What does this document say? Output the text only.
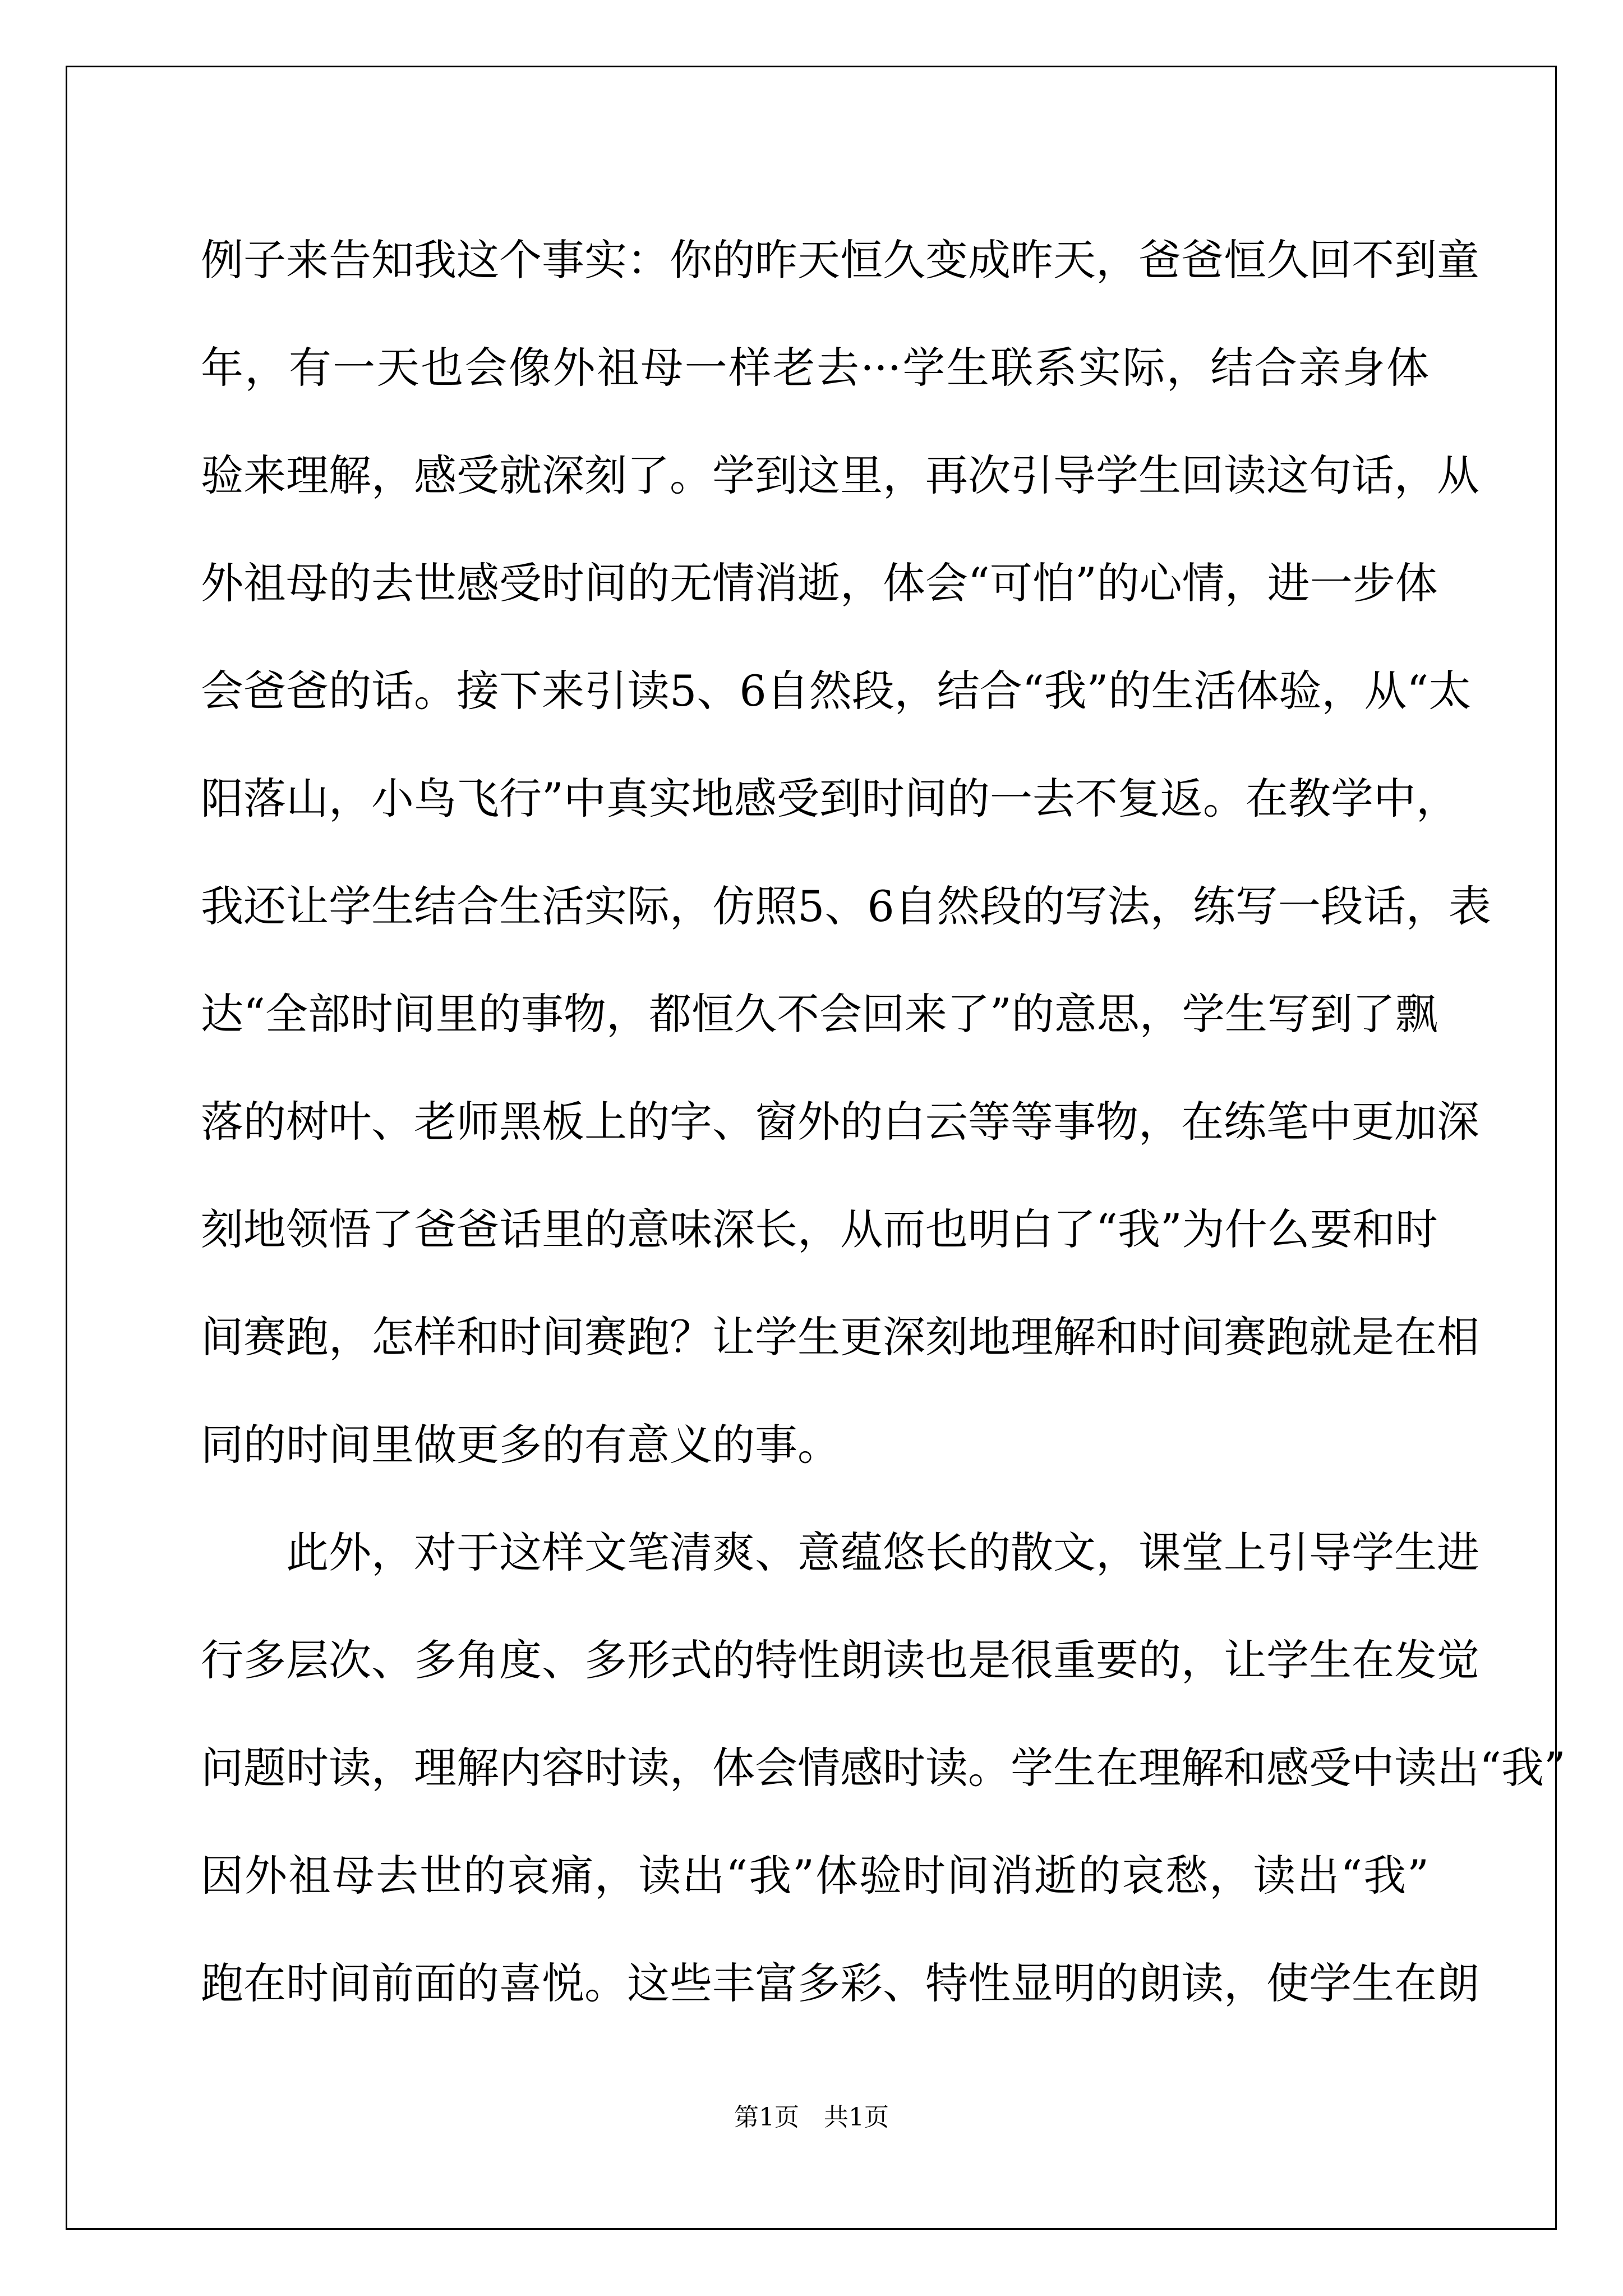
例子来告知我这个事实：你的昨天恒久变成昨天，爸爸恒久回不到童
年，有一天也会像外祖母一样老去···学生联系实际，结合亲身体
验来理解，感受就深刻了。学到这里，再次引导学生回读这句话，从
外祖母的去世感受时间的无情消逝，体会“可怕”的心情，进一步体
会爸爸的话。接下来引读5、6自然段，结合“我”的生活体验，从“太
阳落山，小鸟飞行”中真实地感受到时间的一去不复返。在教学中，
我还让学生结合生活实际，仿照5、6自然段的写法，练写一段话，表
达“全部时间里的事物，都恒久不会回来了”的意思，学生写到了飘
落的树叶、老师黑板上的字、窗外的白云等等事物，在练笔中更加深
刻地领悟了爸爸话里的意味深长，从而也明白了“我”为什么要和时
间赛跑，怎样和时间赛跑？让学生更深刻地理解和时间赛跑就是在相
同的时间里做更多的有意义的事。
　　此外，对于这样文笔清爽、意蕴悠长的散文，课堂上引导学生进
行多层次、多角度、多形式的特性朗读也是很重要的，让学生在发觉
问题时读，理解内容时读，体会情感时读。学生在理解和感受中读出“我”
因外祖母去世的哀痛，读出“我”体验时间消逝的哀愁，读出“我”
跑在时间前面的喜悦。这些丰富多彩、特性显明的朗读，使学生在朗
第1页　共1页
